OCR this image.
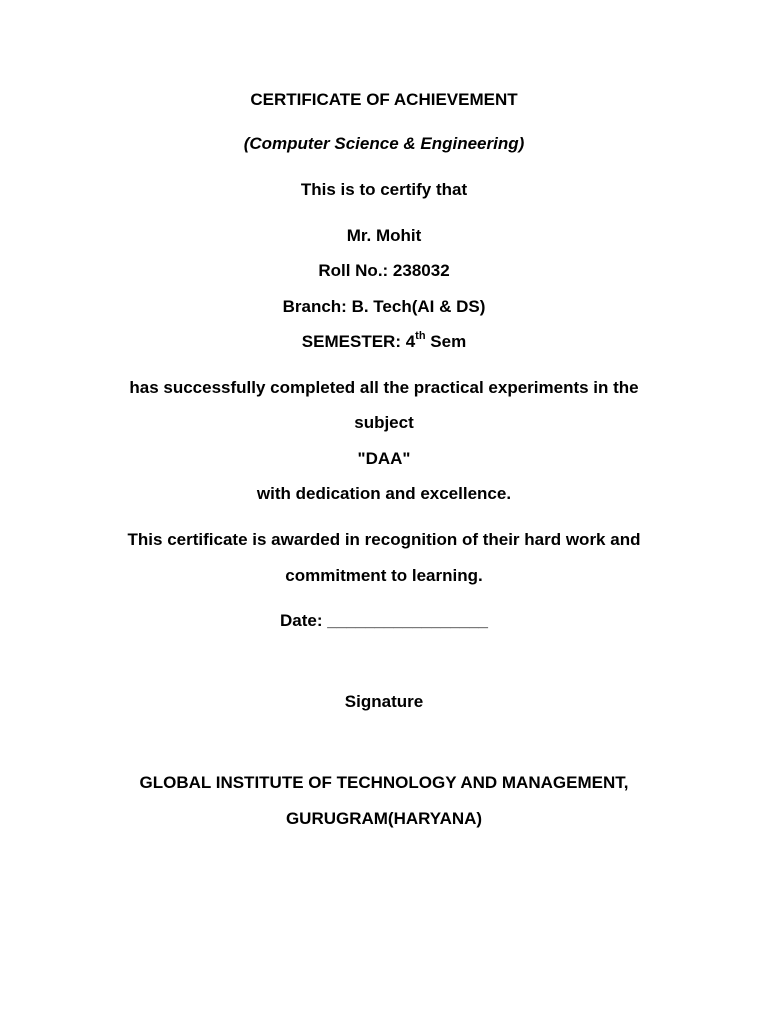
CERTIFICATE OF ACHIEVEMENT
(Computer Science & Engineering)
This is to certify that
Mr. Mohit
Roll No.: 238032
Branch: B. Tech(AI & DS)
SEMESTER: 4th Sem
has successfully completed all the practical experiments in the
subject
"DAA"
with dedication and excellence.
This certificate is awarded in recognition of their hard work and
commitment to learning.
Date: _________________
Signature
GLOBAL INSTITUTE OF TECHNOLOGY AND MANAGEMENT,
GURUGRAM(HARYANA)
